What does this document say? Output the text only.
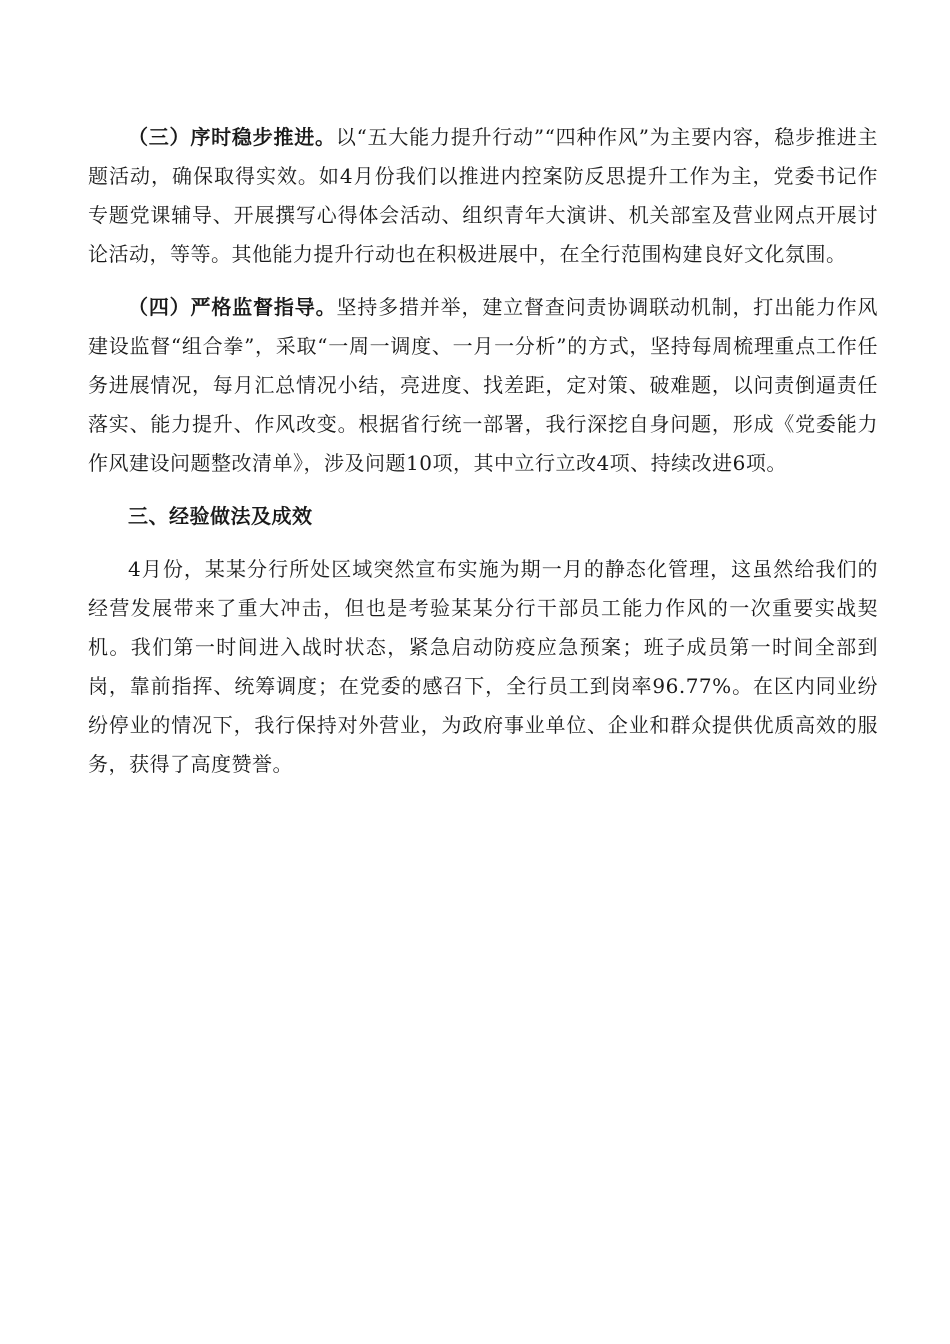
（三）序时稳步推进。以“五大能力提升行动”“四种作风”为主要内容，稳步推进主题活动，确保取得实效。如4月份我们以推进内控案防反思提升工作为主，党委书记作专题党课辅导、开展撰写心得体会活动、组织青年大演讲、机关部室及营业网点开展讨论活动，等等。其他能力提升行动也在积极进展中，在全行范围构建良好文化氛围。

（四）严格监督指导。坚持多措并举，建立督查问责协调联动机制，打出能力作风建设监督“组合拳”，采取“一周一调度、一月一分析”的方式，坚持每周梳理重点工作任务进展情况，每月汇总情况小结，亮进度、找差距，定对策、破难题，以问责倒逼责任落实、能力提升、作风改变。根据省行统一部署，我行深挖自身问题，形成《党委能力作风建设问题整改清单》，涉及问题10项，其中立行立改4项、持续改进6项。

三、经验做法及成效

4月份，某某分行所处区域突然宣布实施为期一月的静态化管理，这虽然给我们的经营发展带来了重大冲击，但也是考验某某分行干部员工能力作风的一次重要实战契机。我们第一时间进入战时状态，紧急启动防疫应急预案；班子成员第一时间全部到岗，靠前指挥、统筹调度；在党委的感召下，全行员工到岗率96.77%。在区内同业纷纷停业的情况下，我行保持对外营业，为政府事业单位、企业和群众提供优质高效的服务，获得了高度赞誉。
